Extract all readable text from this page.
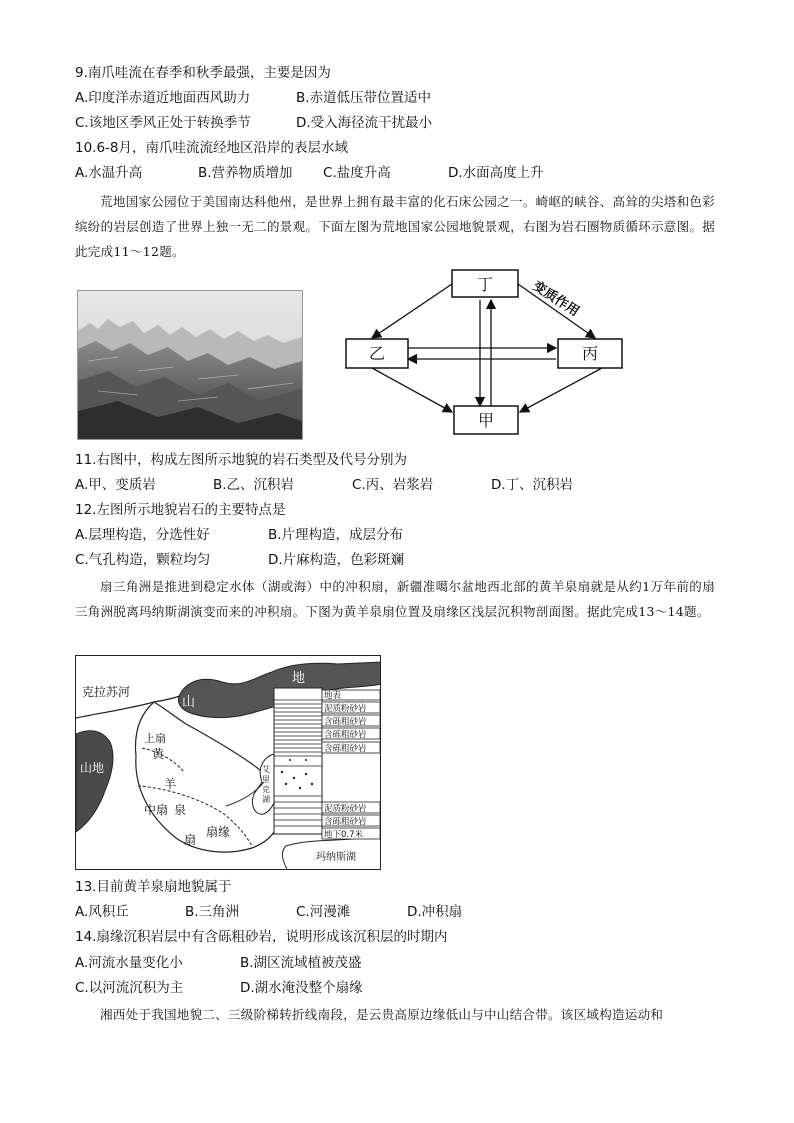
9.南爪哇流在春季和秋季最强，主要是因为
A.印度洋赤道近地面西风助力	B.赤道低压带位置适中
C.该地区季风正处于转换季节	D.受入海径流干扰最小
10.6-8月，南爪哇流流经地区沿岸的表层水域
A.水温升高	B.营养物质增加 C.盐度升高	D.水面高度上升
荒地国家公园位于美国南达科他州，是世界上拥有最丰富的化石床公园之一。崎岖的峡谷、高耸的尖塔和色彩缤纷的岩层创造了世界上独一无二的景观。下面左图为荒地国家公园地貌景观，右图为岩石圈物质循环示意图。据此完成11～12题。
丁
乙	丙
甲
变质作用
11.右图中，构成左图所示地貌的岩石类型及代号分别为
A.甲、变质岩	B.乙、沉积岩	C.丙、岩浆岩	D.丁、沉积岩
12.左图所示地貌岩石的主要特点是
A.层理构造，分选性好	B.片理构造，成层分布
C.气孔构造，颗粒均匀	D.片麻构造，色彩斑斓
扇三角洲是推进到稳定水体（湖或海）中的冲积扇，新疆准噶尔盆地西北部的黄羊泉扇就是从约1万年前的扇三角洲脱离玛纳斯湖演变而来的冲积扇。下图为黄羊泉扇位置及扇缘区浅层沉积物剖面图。据此完成13～14题。
地表
泥质粉砂岩
含砾粗砂岩
含砾粗砂岩
含砾粗砂岩
泥质粉砂岩
含砾粗砂岩
地下0.7米
克拉苏河
山
地
山地
上扇
黄
羊
中扇 泉
扇缘
扇
艾
里
克
湖
玛纳斯湖
13.目前黄羊泉扇地貌属于
A.风积丘	B.三角洲	C.河漫滩	D.冲积扇
14.扇缘沉积岩层中有含砾粗砂岩，说明形成该沉积层的时期内
A.河流水量变化小	B.湖区流域植被茂盛
C.以河流沉积为主	D.湖水淹没整个扇缘
湘西处于我国地貌二、三级阶梯转折线南段，是云贵高原边缘低山与中山结合带。该区域构造运动和
